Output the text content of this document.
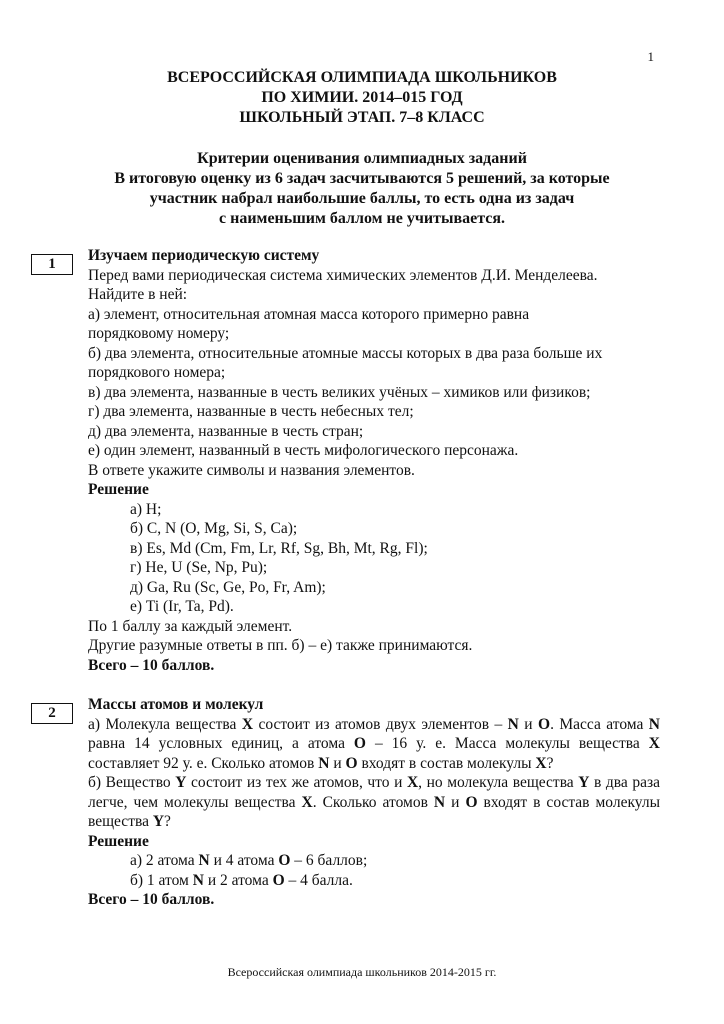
1

ВСЕРОССИЙСКАЯ ОЛИМПИАДА ШКОЛЬНИКОВ

ПО ХИМИИ. 2014–015 ГОД

ШКОЛЬНЫЙ ЭТАП. 7–8 КЛАСС

Критерии оценивания олимпиадных заданий

В итоговую оценку из 6 задач засчитываются 5 решений, за которые

участник набрал наибольшие баллы, то есть одна из задач

с наименьшим баллом не учитывается.

1	Изучаем периодическую систему

Перед вами периодическая система химических элементов Д.И. Менделеева.

Найдите в ней:

а) элемент, относительная атомная масса которого примерно равна

порядковому номеру;

б) два элемента, относительные атомные массы которых в два раза больше их

порядкового номера;

в) два элемента, названные в честь великих учёных – химиков или физиков;

г) два элемента, названные в честь небесных тел;

д) два элемента, названные в честь стран;

е) один элемент, названный в честь мифологического персонажа.

В ответе укажите символы и названия элементов.

Решение

а) H;

б) C, N (O, Mg, Si, S, Ca);

в) Es, Md (Cm, Fm, Lr, Rf, Sg, Bh, Mt, Rg, Fl);

г) He, U (Se, Np, Pu);

д) Ga, Ru (Sc, Ge, Po, Fr, Am);

е) Ti (Ir, Ta, Pd).

По 1 баллу за каждый элемент.

Другие разумные ответы в пп. б) – е) также принимаются.

Всего – 10 баллов.

2	Массы атомов и молекул

а) Молекула вещества X состоит из атомов двух элементов – N и O. Масса атома N равна 14 условных единиц, а атома O – 16 у. е. Масса молекулы вещества X составляет 92 у. е. Сколько атомов N и O входят в состав молекулы X?

б) Вещество Y состоит из тех же атомов, что и X, но молекула вещества Y в два раза легче, чем молекулы вещества X. Сколько атомов N и O входят в состав молекулы вещества Y?

Решение

а) 2 атома N и 4 атома O – 6 баллов;

б) 1 атом N и 2 атома O – 4 балла.

Всего – 10 баллов.

Всероссийская олимпиада школьников 2014-2015 гг.
